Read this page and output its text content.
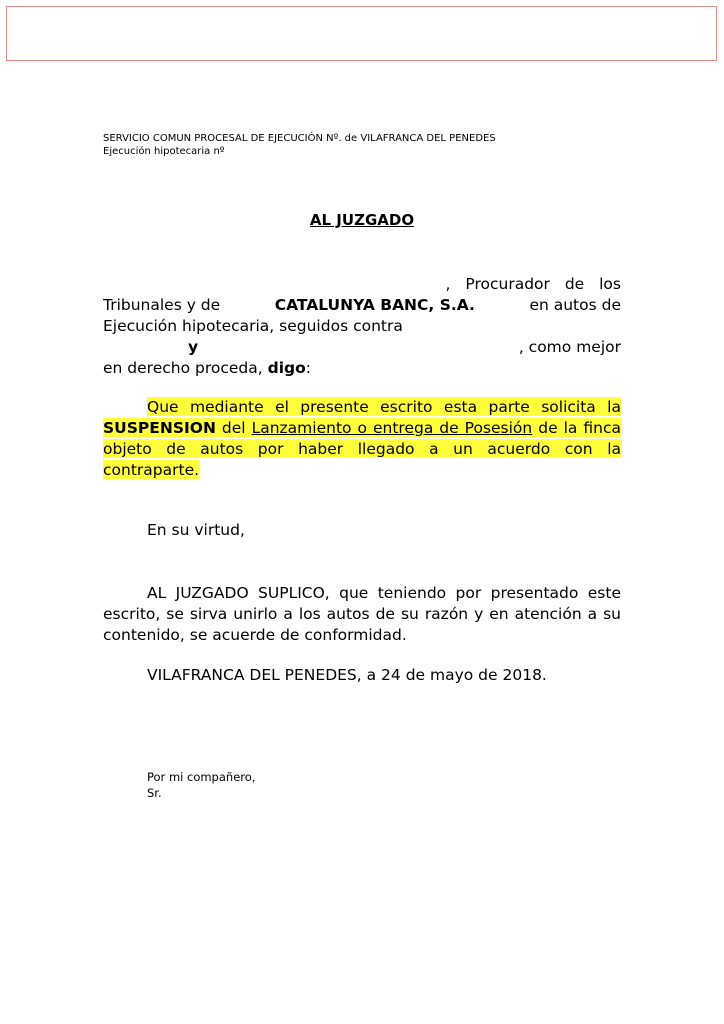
SERVICIO COMUN PROCESAL DE EJECUCIÓN Nº. de VILAFRANCA DEL PENEDES
Ejecución hipotecaria nº
AL JUZGADO
, Procurador de los
Tribunales y de	CATALUNYA BANC, S.A.	en autos de
Ejecución hipotecaria, seguidos contra
y	, como mejor
en derecho proceda, digo:
Que mediante el presente escrito esta parte solicita la SUSPENSION del Lanzamiento o entrega de Posesión de la finca objeto de autos por haber llegado a un acuerdo con la contraparte.
En su virtud,
AL JUZGADO SUPLICO, que teniendo por presentado este escrito, se sirva unirlo a los autos de su razón y en atención a su contenido, se acuerde de conformidad.
VILAFRANCA DEL PENEDES, a 24 de mayo de 2018.
Por mi compañero,
Sr.
